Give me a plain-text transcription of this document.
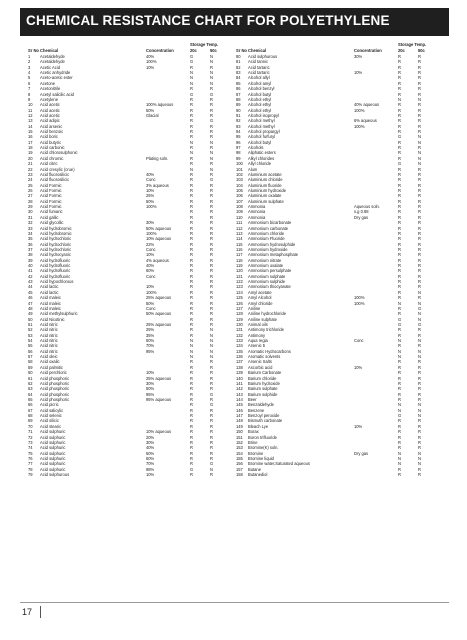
CHEMICAL RESISTANCE CHART FOR POLYETHYLENE
Storage Temp.
Sr No Chemical	Concentration	20c	50c
1 Acetaldehyde	40%	G	N
2 Acetaldehyde	100%	G	N
3 Acetic Acid	10%	R	R
4 Acetic anhydride	N	N
5 Aceto-acetic ester	N	N
6 Acetone	N	N
7 Acetonitrile	R	R
8 Acetyl salicilic acid	G	G
9 Acetylene	R	R
10 Acid acetic	100% aqueous	R	R
11 Acid acetic	50%	R	R
12 Acid acetic	Glacial	R	R
13 Acid adipic	R	G
14 Acid arsenic	R	R
15 Acid benzoic	R	R
16 Acid boric	R	R
17 Acid butyric	N	N
18 Acid carbonic	R	R
19 Acid chlorosulphonic	N	N
20 Acid chromic	Plating soln.	R	N
21 Acid citric	R	R
22 Acid cresylic (crue)	N	N
23 Acid fluorosilicic	40%	R	R
24 Acid fluorosilicic	Conc	R	G
25 Acid Formic	3% aqueous	R	R
26 Acid Formic	10%	R	R
27 Acid Formic	25%	R	R
28 Acid Formic	50%	R	R
29 Acid Formic	100%	R	R
30 Acid fumaric	R	R
31 Acid gallic	R	R
32 Acid glycollic	30%	R	R
33 Acid hydrobromic	50% aqueous	R	R
34 Acid hydrobromic	100%	R	R
35 Acid hydrochloric	10% aqueous	R	R
36 Acid hydrochloric	22%	R	R
37 Acid hydrochloric	Conc	R	R
38 Acid hydrocyanic	10%	R	R
39 Acid hydrofluoric	4% aqueous	R	R
40 Acid hydrofluoric	40%	R	R
41 Acid hydrofluoric	60%	R	R
42 Acid hydrofluoric	Conc	R	R
43 Acid hypochlorous	R	R
44 Acid lactic	10%	R	R
45 Acid lactic	100%	R	R
46 Acid maleic	25% aqueous	R	R
47 Acid maleic	50%	R	R
48 Acid maleic	Conc	R	R
49 Acid methylsulphuric	50% aqueous	R	R
50 Acid Nicotinic	R	R
51 Acid nitric	25% aqueous	R	R
52 Acid nitric	25%	R	N
53 Acid nitric	35%	R	N
54 Acid nitric	50%	N	N
55 Acid nitric	70%	N	N
56 Acid nitric	95%	N	N
57 Acid oleic	N	N
58 Acid oxalic	R	R
59 Acid palmitic	R	R
60 Acid perchloric	10%	R	R
61 Acid phosphoric	25% aqueous	R	R
62 Acid phosphoric	30%	R	R
63 Acid phosphoric	50%	R	R
64 Acid phosphoric	95%	R	G
65 Acid phosphoric	95% aqueous	R	R
66 Acid picric	R	G
67 Acid salicylic	R	R
68 Acid selenic	R	R
69 Acid silicic	R	R
70 Acid stearic	R	R
71 Acid sulphuric	10% aqueous	R	R
72 Acid sulphuric	20%	R	R
73 Acid sulphuric	30%	R	R
74 Acid sulphuric	40%	R	R
75 Acid sulphuric	50%	R	R
76 Acid sulphuric	60%	R	R
77 Acid sulphuric	70%	R	G
78 Acid sulphuric	98%	G	N
79 Acid sulphurous	10%	R	R
Storage Temp.
Sr No Chemical	Concentration	20c	50c
80 Acid sulphurous	30%	R	R
81 Acid tannic	R	R
82 Acid tartaric	R	R
83 Acid tartaric	10%	R	R
84 Alcohol allyl	R	R
85 Alcohol amyl	R	R
86 Alcohol benzyl	R	R
87 Alcohol butyl	R	R
88 Alcohol ethyl	N	N
89 Alcohol ethyl	40% aqueous	R	R
90 Alcohol ethyl	100%	R	R
91 Alcohol isopropyl	R	R
92 Alcohol methyl	6% aqueous	R	R
93 Alcohol methyl	100%	R	R
94 Alcohol propargyl	R	R
95 Alcohol furfuryl	G	N
96 Alcohol butyl	R	N
97 Alcohols	R	R
98 Aliphatic esters	R	N
99 Alkyl chlorides	R	N
100 Allyl chloride	G	N
101 Alum	R	R
102 Aluminium acetate	R	R
103 Aluminium chloride	R	R
104 Aluminium fluoride	R	R
105 Aluminium hydroxide	R	R
106 Aluminium oxalate	R	R
107 Aluminium sulphate	R	R
108 Ammonia	Aqueous soln.	R	R
109 Ammonia	s.g 0.88	R	R
110 Ammonia	Dry gas	R	R
111 Ammonium bicarbonate	R	R
112 Ammonium carbonate	R	R
113 Ammonium chloride	R	R
114 Ammonium Fluoride	R	R
115 Ammonium hydrosulphide	R	R
116 Ammonium hydroxide	R	R
117 Ammonium metaphosphate	R	R
118 Ammonium nitrate	R	R
119 Ammonium oxalate	R	R
120 Ammonium persulphate	R	R
121 Ammonium sulphate	R	R
122 Ammonium sulphide	R	R
123 Ammonium thiocyanate	R	R
124 Amyl acetate	R	N
125 Amyl Alcohol	100%	R	R
126 Amyl chloride	100%	N	N
127 Aniline	R	G
128 Aniline hydrochloride	R	N
129 Aniline sulphate	G	N
130 Animal oils	G	G
131 Antimony trichloride	R	R
132 Antimony	R	R
133 Aqua regia	Conc	N	N
134 Arsenic 5	R	R
135 Aromatic Hydrocarbons	N	N
136 Aromatic solvents	N	N
137 Arsenic Salts	R	R
138 Ascorbic acid	10%	R	R
139 Barium Carbonate	R	R
140 Barium chloride	R	R
141 Barium hydroxide	R	R
142 Barium sulphate	R	R
143 Barium sulphide	R	R
144 Beer	R	R
145 Benzaldehyde	N	N
146 Benzene	N	N
147 Benzoyl peroxide	G	N
148 Bismuth carbonate	R	R
149 Bleach Lye	10%	R	R
150 Borax	R	R
151 Boron trifluoride	R	R
152 Brine	R	R
153 Bromine(K) soln.	R	R
154 Bromine	Dry gas	N	N
155 Bromine liquid	N	N
156 Bromine water,Saturated aqueous	N	N
157 Butane	R	R
158 Butanediol	R	R
17
